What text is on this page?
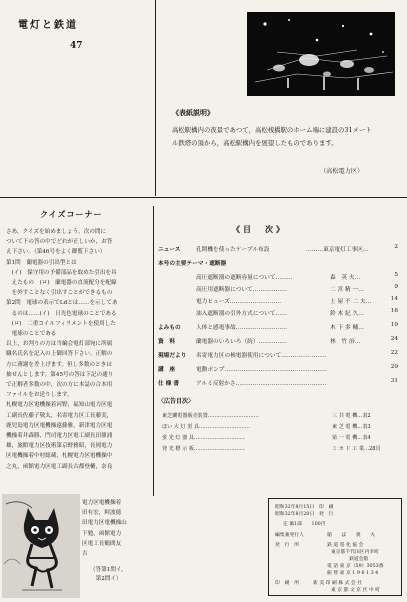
電灯と鉄道
47
《表紙説明》
高松駅構内の夜景であつて，高松桟橋駅のホーム端に建設の31メート
ル鉄塔の頂から，高松駅構内を展望したものであります。
（高松電力区）
クイズコーナー

さあ，クイズを始めましょう。次の問に

ついて下の答の中でどれが正しいか，お答

え下さい。（第46号をよく御覧下さい）

第1問　蘭電器の引出型とは

　(イ)　保守用の予備部品を取めた引出を具

　えたもの　(ロ)　蘭電器の直流配分を配線

　を外すことなく引出すことができるもの

第2問　電球の表示でLdとは……を示してあ

　るのは……(イ)　日光色電球のことである

　(ロ)　二重コイルフィラメントを使用した

　電球のことである

以上，お判りの方は当編会電灯部宛に所属

職名氏名を記入の上御回答下さい。正解の

方に薄謝を差上げます。但し多数のときは

抽せんとします。第45号の答は下記の通り

で正解者多数の中，次の方に本誌の合本用

ファイルをお送りします。

札幌電力区電機操着河野，福知山電力区電

工副長佐藤子敬太，名寄電力区工長藤実，

鹿児島電力区電機操遠藤雅，新津電力区電

機操着井森勝，門司電力区電工副長田鼎浦

雄，旅館電力区技術第京野雅昭，長岡電力

区電機操着中村総蔵，札幌電力区電機操中

之丸，函館電力区電工副長古都登輔，奈良

電力区電機操着

田有宏，阿波徳

田電力区電機操山

下勉，函館電力

区電工長鶴間友

吉

（答第1問イ，
　第2問イ）
《目　次》
ニュース	孔開機を使ったケーブル布設	………東京電灯工事区…	2
本号の主要テーマ・遮断器
高圧遮断器の遮断容量について………	森　英 夫…	5
高圧用遮断器について………………	二 宮 精 一…	9
電力ヒューズ………………………	土 屋 不 二 夫…	14
油入遮断器の引外方式について……	鈴 木 紀 久…	16
よみもの	人体と感電事故………………………	木 下 多 輔…	19
資　料	蘭電器のいろいろ（続）……………	林　竹 治…	24
現場だより 名寄電力区の検電器使用について……………………	22
講　座	電動ポンプ………………………………………………	29
仕 様 書	アルミ反射かさ…………………………………………	31
〈広告目次〉
東芝蘭電器販売装置…………………………	三 共 電 機…表2
ほい 大 灯 蛍 具…………………………	東 芝 電 機…表3
蛍 光 灯 器 具…………………………	第 一 電 機…表4
発 光 標 示 板…………………………	ミ カ ド 工 業…28頁
昭和32年8月15日　印　刷
昭和32年8月20日　発　行
定 価1部　　100円
編集兼発行人	稲　　ほ　　義　　夫
発　行　所	鉄 道 電 化 協 会
東京都千代田区内幸町
鉄道会館
電 話 東 京（59）3053番
振 替 東 京 1 9 6 1 3 4
印　刷　所	新 美 印 刷 株 式 会 社
東 京 都 文 京 区 中 町
